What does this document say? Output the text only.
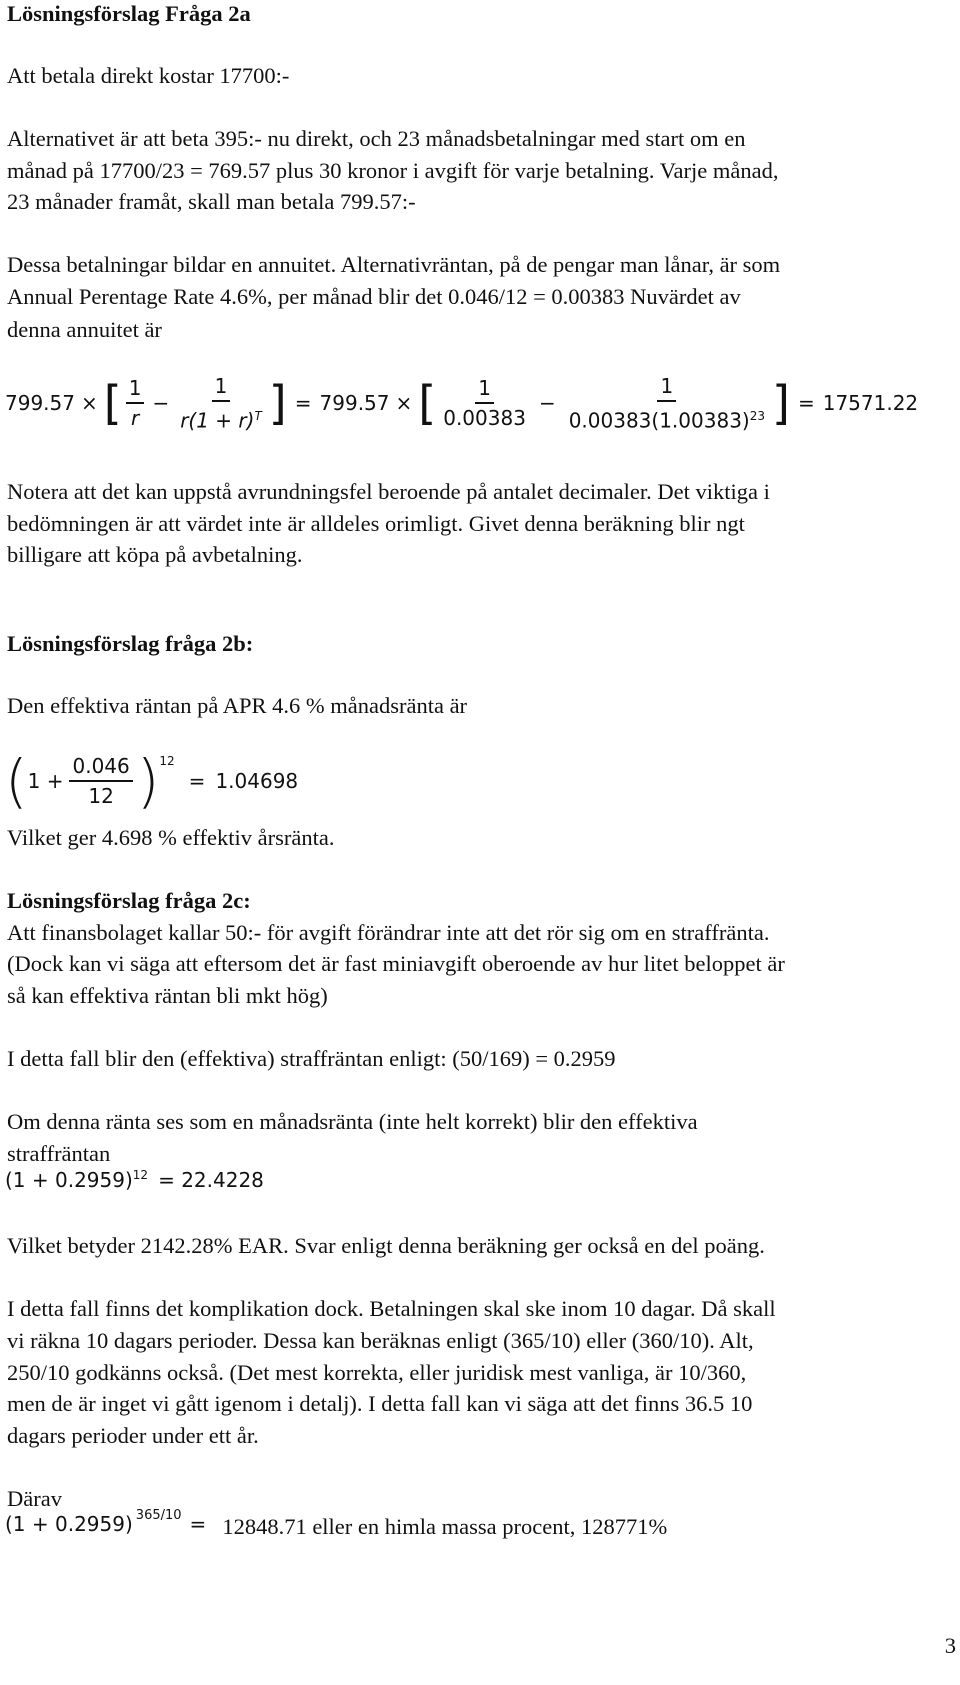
Lösningsförslag Fråga 2a
Att betala direkt kostar 17700:-
Alternativet är att beta 395:- nu direkt, och 23 månadsbetalningar med start om en
månad på 17700/23 = 769.57 plus 30 kronor i avgift för varje betalning. Varje månad,
23 månader framåt, skall man betala 799.57:-
Dessa betalningar bildar en annuitet. Alternativräntan, på de pengar man lånar, är som
Annual Perentage Rate 4.6%, per månad blir det 0.046/12 = 0.00383 Nuvärdet av
denna annuitet är
799.57 × [ $\frac{1}{r} - \frac{1}{r(1 + r)^T}$ ] = 799.57 × [ $\frac{1}{0.00383} - \frac{1}{0.00383(1.00383)^{23}}$ ] = 17571.22
Notera att det kan uppstå avrundningsfel beroende på antalet decimaler. Det viktiga i
bedömningen är att värdet inte är alldeles orimligt. Givet denna beräkning blir ngt
billigare att köpa på avbetalning.
Lösningsförslag fråga 2b:
Den effektiva räntan på APR 4.6 % månadsränta är
( $1 + \frac{0.046}{12} )^{12}$
= 1.04698
Vilket ger 4.698 % effektiv årsränta.
Lösningsförslag fråga 2c:
Att finansbolaget kallar 50:- för avgift förändrar inte att det rör sig om en straffränta.
(Dock kan vi säga att eftersom det är fast miniavgift oberoende av hur litet beloppet är
så kan effektiva räntan bli mkt hög)
I detta fall blir den (effektiva) straffräntan enligt: (50/169) = 0.2959
Om denna ränta ses som en månadsränta (inte helt korrekt) blir den effektiva
straffräntan
$(1 + 0.2959)^{12} = 22.4228$
Vilket betyder 2142.28% EAR. Svar enligt denna beräkning ger också en del poäng.
I detta fall finns det komplikation dock. Betalningen skal ske inom 10 dagar. Då skall
vi räkna 10 dagars perioder. Dessa kan beräknas enligt (365/10) eller (360/10). Alt,
250/10 godkänns också. (Det mest korrekta, eller juridisk mest vanliga, är 10/360,
men de är inget vi gått igenom i detalj). I detta fall kan vi säga att det finns 36.5 10
dagars perioder under ett år.
Därav
$(1 + 0.2959)^{365/10} = 12848.71$ eller en himla massa procent, 128771%
3
